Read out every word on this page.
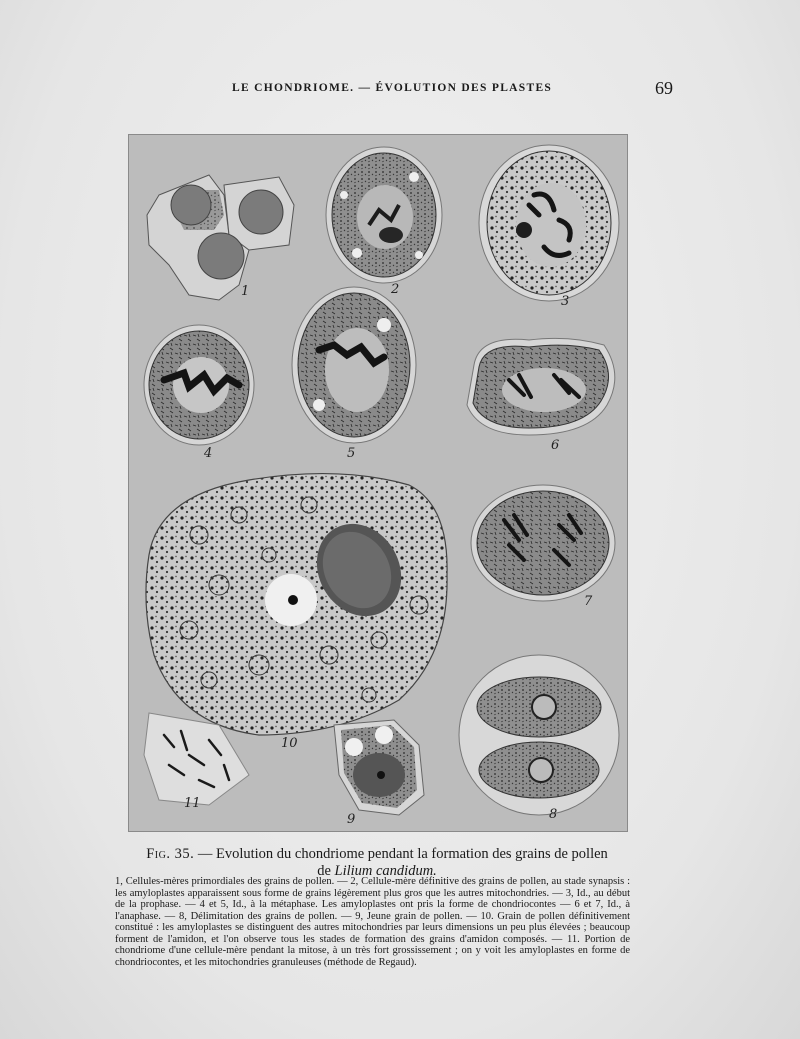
LE CHONDRIOME. — ÉVOLUTION DES PLASTES	69
1	2
3
4	5
6
10
7
8
9
11
Fig. 35. — Evolution du chondriome pendant la formation des grains de pollen
de Lilium candidum.
1, Cellules-mères primordiales des grains de pollen. — 2, Cellule-mère définitive des grains de pollen, au stade synapsis : les amyloplastes apparaissent sous forme de grains légèrement plus gros que les autres mitochondries. — 3, Id., au début de la prophase. — 4 et 5, Id., à la métaphase. Les amyloplastes ont pris la forme de chondriocontes — 6 et 7, Id., à l'anaphase. — 8, Délimitation des grains de pollen. — 9, Jeune grain de pollen. — 10. Grain de pollen définitivement constitué : les amyloplastes se distinguent des autres mitochondries par leurs dimensions un peu plus élevées ; beaucoup forment de l'amidon, et l'on observe tous les stades de formation des grains d'amidon composés. — 11. Portion de chondriome d'une cellule-mère pendant la mitose, à un très fort grossissement ; on y voit les amyloplastes en forme de chondriocontes, et les mitochondries granuleuses (méthode de Regaud).
